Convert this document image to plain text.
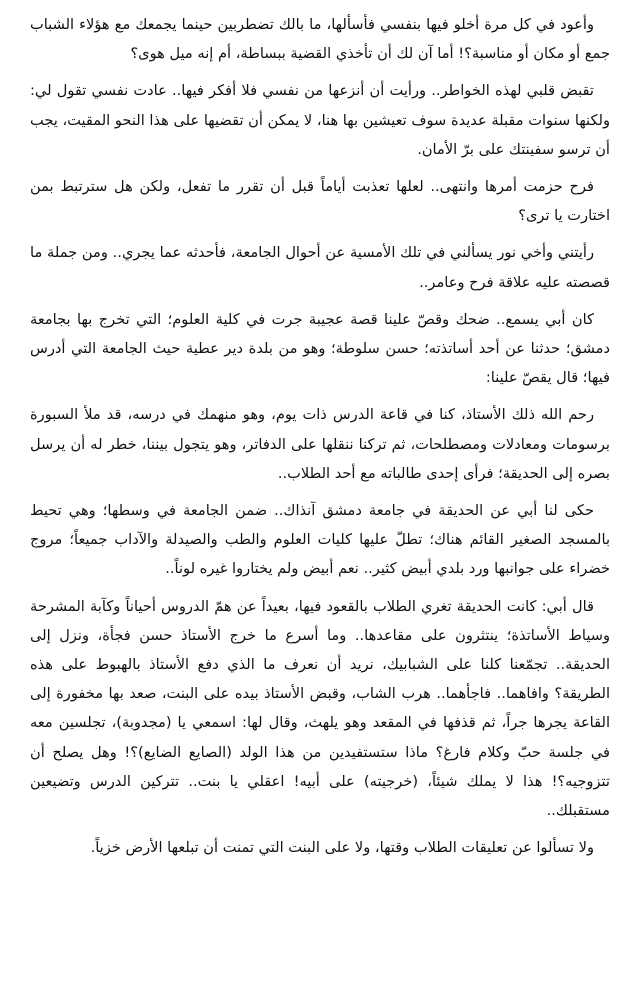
وأعود في كل مرة أخلو فيها بنفسي فأسألها، ما بالك تضطربين حينما يجمعك مع هؤلاء الشباب جمع أو مكان أو مناسبة؟! أما آن لك أن تأخذي القضية ببساطة، أم إنه ميل هوى؟

تقبض قلبي لهذه الخواطر.. ورأيت أن أنزعها من نفسي فلا أفكر فيها.. عادت نفسي تقول لي: ولكنها سنوات مقبلة عديدة سوف تعيشين بها هنا، لا يمكن أن تقضيها على هذا النحو المقيت، يجب أن ترسو سفينتك على برّ الأمان.

فرح حزمت أمرها وانتهى.. لعلها تعذبت أياماً قبل أن تقرر ما تفعل، ولكن هل سترتبط بمن اختارت يا ترى؟

رأيتني وأخي نور يسألني في تلك الأمسية عن أحوال الجامعة، فأحدثه عما يجري.. ومن جملة ما قصصته عليه علاقة فرح وعامر..

كان أبي يسمع.. ضحك وقصّ علينا قصة عجيبة جرت في كلية العلوم؛ التي تخرج بها بجامعة دمشق؛ حدثنا عن أحد أساتذته؛ حسن سلوطة؛ وهو من بلدة دير عطية حيث الجامعة التي أدرس فيها؛ قال يقصّ علينا:

رحم الله ذلك الأستاذ، كنا في قاعة الدرس ذات يوم، وهو منهمك في درسه، قد ملأ السبورة برسومات ومعادلات ومصطلحات، ثم تركنا ننقلها على الدفاتر، وهو يتجول بيننا، خطر له أن يرسل بصره إلى الحديقة؛ فرأى إحدى طالباته مع أحد الطلاب..

حكى لنا أبي عن الحديقة في جامعة دمشق آنذاك.. ضمن الجامعة في وسطها؛ وهي تحيط بالمسجد الصغير القائم هناك؛ تطلّ عليها كليات العلوم والطب والصيدلة والآداب جميعاً؛ مروج خضراء على جوانبها ورد بلدي أبيض كثير.. نعم أبيض ولم يختاروا غيره لوناً..

قال أبي: كانت الحديقة تغري الطلاب بالقعود فيها، بعيداً عن همّ الدروس أحياناً وكآبة المشرحة وسياط الأساتذة؛ ينتثرون على مقاعدها.. وما أسرع ما خرج الأستاذ حسن فجأة، ونزل إلى الحديقة.. تجمّعنا كلنا على الشبابيك، نريد أن نعرف ما الذي دفع الأستاذ بالهبوط على هذه الطريقة؟ وافاهما.. فاجأهما.. هرب الشاب، وقبض الأستاذ بيده على البنت، صعد بها مخفورة إلى القاعة يجرها جراً، ثم قذفها في المقعد وهو يلهث، وقال لها: اسمعي يا (مجدوبة)، تجلسين معه في جلسة حبّ وكلام فارغ؟ ماذا ستستفيدين من هذا الولد (الصايع الضايع)؟! وهل يصلح أن تتزوجيه؟! هذا لا يملك شيئاً، (خرجيته) على أبيه! اعقلي يا بنت.. تتركين الدرس وتضيعين مستقبلك..

ولا تسألوا عن تعليقات الطلاب وقتها، ولا على البنت التي تمنت أن تبلعها الأرض خزياً.
